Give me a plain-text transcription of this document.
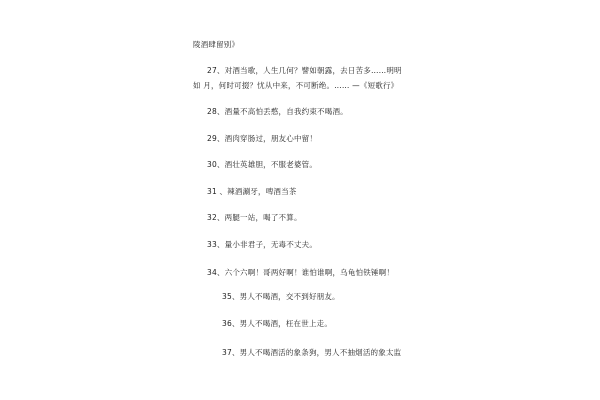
陵酒肆留别》
27、对酒当歌，人生几何？譬如朝露，去日苦多……明明
如 月，何时可掇？忧从中来，不可断绝。…… —《短歌行》
28、酒量不高怕丢憨，自我约束不喝酒。
29、酒肉穿肠过，朋友心中留！
30、酒壮英雄胆，不服老婆管。
31 、辣酒涮牙，啤酒当茶
32、两腿一站，喝了不算。
33、量小非君子，无毒不丈夫。
34、六个六啊！哥两好啊！谁怕谁啊，乌龟怕铁锤啊！
35、男人不喝酒，交不到好朋友。
36、男人不喝酒，枉在世上走。
37、男人不喝酒活的象条狗，男人不抽烟活的象太监
